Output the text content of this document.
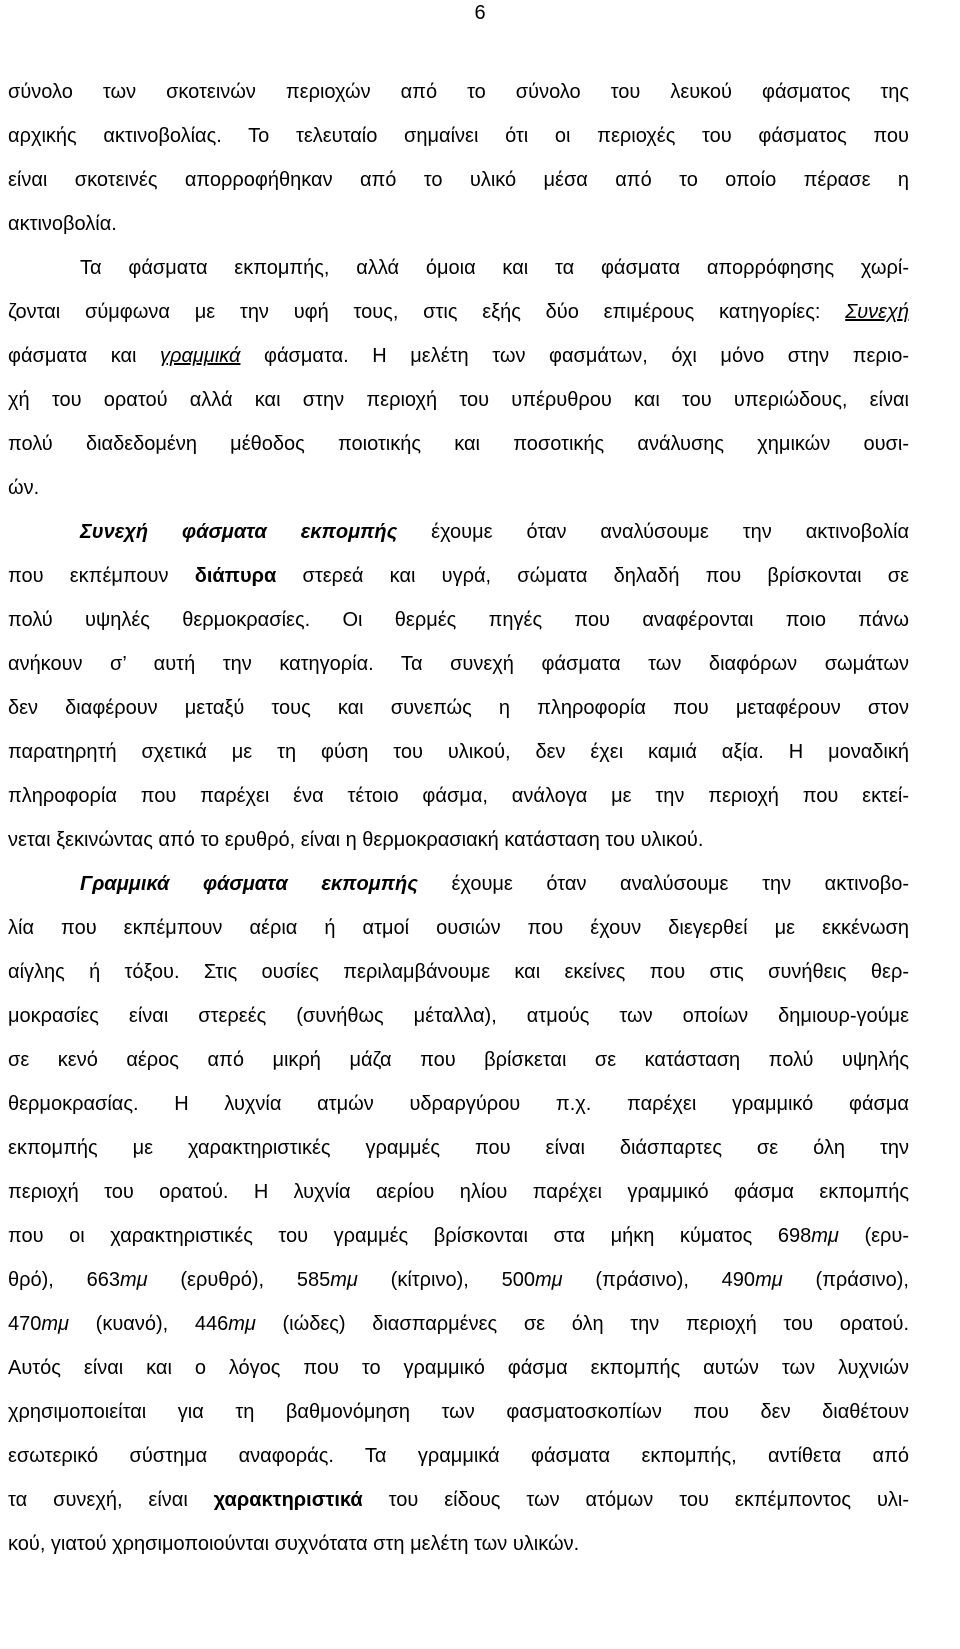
6
σύνολο των σκοτεινών περιοχών από το σύνολο του λευκού φάσματος της
αρχικής ακτινοβολίας. Το τελευταίο σημαίνει ότι οι περιοχές του φάσματος που
είναι σκοτεινές απορροφήθηκαν από το υλικό μέσα από το οποίο πέρασε η
ακτινοβολία.
Τα φάσματα εκπομπής, αλλά όμοια και τα φάσματα απορρόφησης χωρί-
ζονται σύμφωνα με την υφή τους, στις εξής δύο επιμέρους κατηγορίες: Συνεχή
φάσματα και γραμμικά φάσματα. Η μελέτη των φασμάτων, όχι μόνο στην περιο-
χή του ορατού αλλά και στην περιοχή του υπέρυθρου και του υπεριώδους, είναι
πολύ διαδεδομένη μέθοδος ποιοτικής και ποσοτικής ανάλυσης χημικών ουσι-
ών.
Συνεχή φάσματα εκπομπής έχουμε όταν αναλύσουμε την ακτινοβολία
που εκπέμπουν διάπυρα στερεά και υγρά, σώματα δηλαδή που βρίσκονται σε
πολύ υψηλές θερμοκρασίες. Οι θερμές πηγές που αναφέρονται ποιο πάνω
ανήκουν σ’ αυτή την κατηγορία. Τα συνεχή φάσματα των διαφόρων σωμάτων
δεν διαφέρουν μεταξύ τους και συνεπώς η πληροφορία που μεταφέρουν στον
παρατηρητή σχετικά με τη φύση του υλικού, δεν έχει καμιά αξία. Η μοναδική
πληροφορία που παρέχει ένα τέτοιο φάσμα, ανάλογα με την περιοχή που εκτεί-
νεται ξεκινώντας από το ερυθρό, είναι η θερμοκρασιακή κατάσταση του υλικού.
Γραμμικά φάσματα εκπομπής έχουμε όταν αναλύσουμε την ακτινοβο-
λία που εκπέμπουν αέρια ή ατμοί ουσιών που έχουν διεγερθεί με εκκένωση
αίγλης ή τόξου. Στις ουσίες περιλαμβάνουμε και εκείνες που στις συνήθεις θερ-
μοκρασίες είναι στερεές (συνήθως μέταλλα), ατμούς των οποίων δημιουρ-γούμε
σε κενό αέρος από μικρή μάζα που βρίσκεται σε κατάσταση πολύ υψηλής
θερμοκρασίας. Η λυχνία ατμών υδραργύρου π.χ. παρέχει γραμμικό φάσμα
εκπομπής με χαρακτηριστικές γραμμές που είναι διάσπαρτες σε όλη την
περιοχή του ορατού. Η λυχνία αερίου ηλίου παρέχει γραμμικό φάσμα εκπομπής
που οι χαρακτηριστικές του γραμμές βρίσκονται στα μήκη κύματος 698mμ (ερυ-
θρό), 663mμ (ερυθρό), 585mμ (κίτρινο), 500mμ (πράσινο), 490mμ (πράσινο),
470mμ (κυανό), 446mμ (ιώδες) διασπαρμένες σε όλη την περιοχή του ορατού.
Αυτός είναι και ο λόγος που το γραμμικό φάσμα εκπομπής αυτών των λυχνιών
χρησιμοποιείται για τη βαθμονόμηση των φασματοσκοπίων που δεν διαθέτουν
εσωτερικό σύστημα αναφοράς. Τα γραμμικά φάσματα εκπομπής, αντίθετα από
τα συνεχή, είναι χαρακτηριστικά του είδους των ατόμων του εκπέμποντος υλι-
κού, γιατού χρησιμοποιούνται συχνότατα στη μελέτη των υλικών.
